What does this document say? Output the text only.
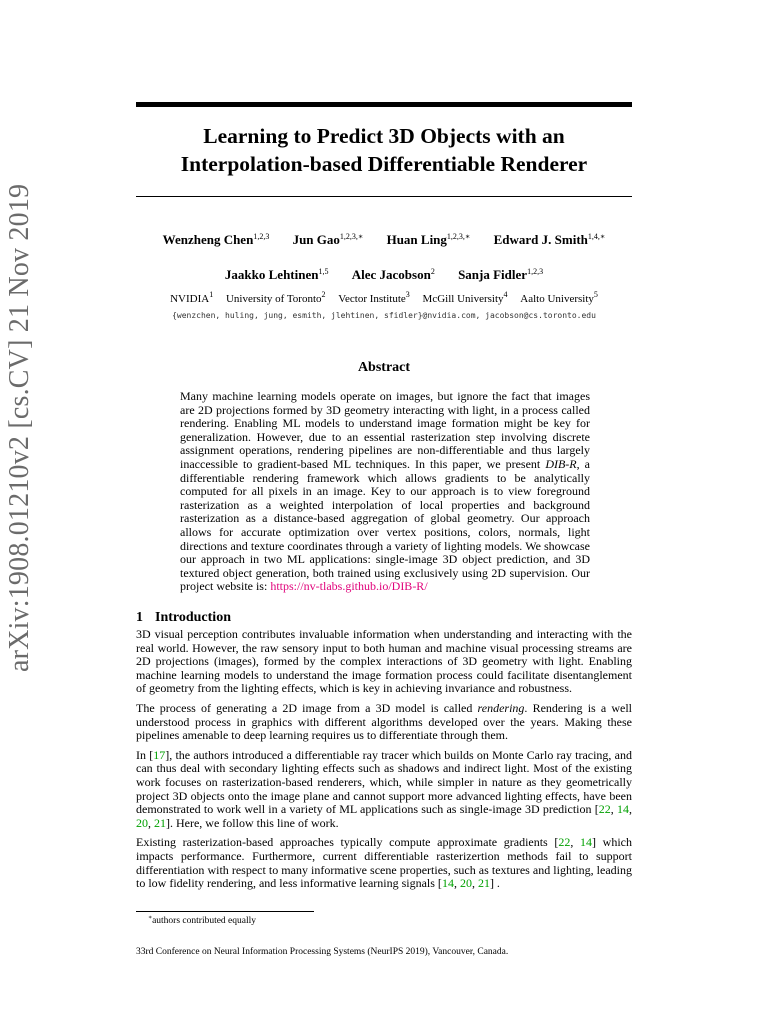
arXiv:1908.01210v2 [cs.CV] 21 Nov 2019
Learning to Predict 3D Objects with an
Interpolation-based Differentiable Renderer
Wenzheng Chen$^{1,2,3}$ Jun Gao$^{1,2,3,∗}$ Huan Ling$^{1,2,3,∗}$ Edward J. Smith$^{1,4,∗}$
Jaakko Lehtinen$^{1,5}$ Alec Jacobson$^2$ Sanja Fidler$^{1,2,3}$
NVIDIA$^1$ University of Toronto$^2$ Vector Institute$^3$ McGill University$^4$ Aalto University$^5$
{wenzchen, huling, jung, esmith, jlehtinen, sfidler}@nvidia.com, jacobson@cs.toronto.edu
Abstract
Many machine learning models operate on images, but ignore the fact that images are 2D projections formed by 3D geometry interacting with light, in a process called rendering. Enabling ML models to understand image formation might be key for generalization. However, due to an essential rasterization step involving discrete assignment operations, rendering pipelines are non-differentiable and thus largely inaccessible to gradient-based ML techniques. In this paper, we present DIB-R, a differentiable rendering framework which allows gradients to be analytically computed for all pixels in an image. Key to our approach is to view foreground rasterization as a weighted interpolation of local properties and background rasterization as a distance-based aggregation of global geometry. Our approach allows for accurate optimization over vertex positions, colors, normals, light directions and texture coordinates through a variety of lighting models. We showcase our approach in two ML applications: single-image 3D object prediction, and 3D textured object generation, both trained using exclusively using 2D supervision. Our project website is: https://nv-tlabs.github.io/DIB-R/
1 Introduction

3D visual perception contributes invaluable information when understanding and interacting with the real world. However, the raw sensory input to both human and machine visual processing streams are 2D projections (images), formed by the complex interactions of 3D geometry with light. Enabling machine learning models to understand the image formation process could facilitate disentanglement of geometry from the lighting effects, which is key in achieving invariance and robustness.

The process of generating a 2D image from a 3D model is called rendering. Rendering is a well understood process in graphics with different algorithms developed over the years. Making these pipelines amenable to deep learning requires us to differentiate through them.

In [17], the authors introduced a differentiable ray tracer which builds on Monte Carlo ray tracing, and can thus deal with secondary lighting effects such as shadows and indirect light. Most of the existing work focuses on rasterization-based renderers, which, while simpler in nature as they geometrically project 3D objects onto the image plane and cannot support more advanced lighting effects, have been demonstrated to work well in a variety of ML applications such as single-image 3D prediction [22, 14, 20, 21]. Here, we follow this line of work.

Existing rasterization-based approaches typically compute approximate gradients [22, 14] which impacts performance. Furthermore, current differentiable rasterizertion methods fail to support differentiation with respect to many informative scene properties, such as textures and lighting, leading to low fidelity rendering, and less informative learning signals [14, 20, 21] .

∗authors contributed equally
33rd Conference on Neural Information Processing Systems (NeurIPS 2019), Vancouver, Canada.
